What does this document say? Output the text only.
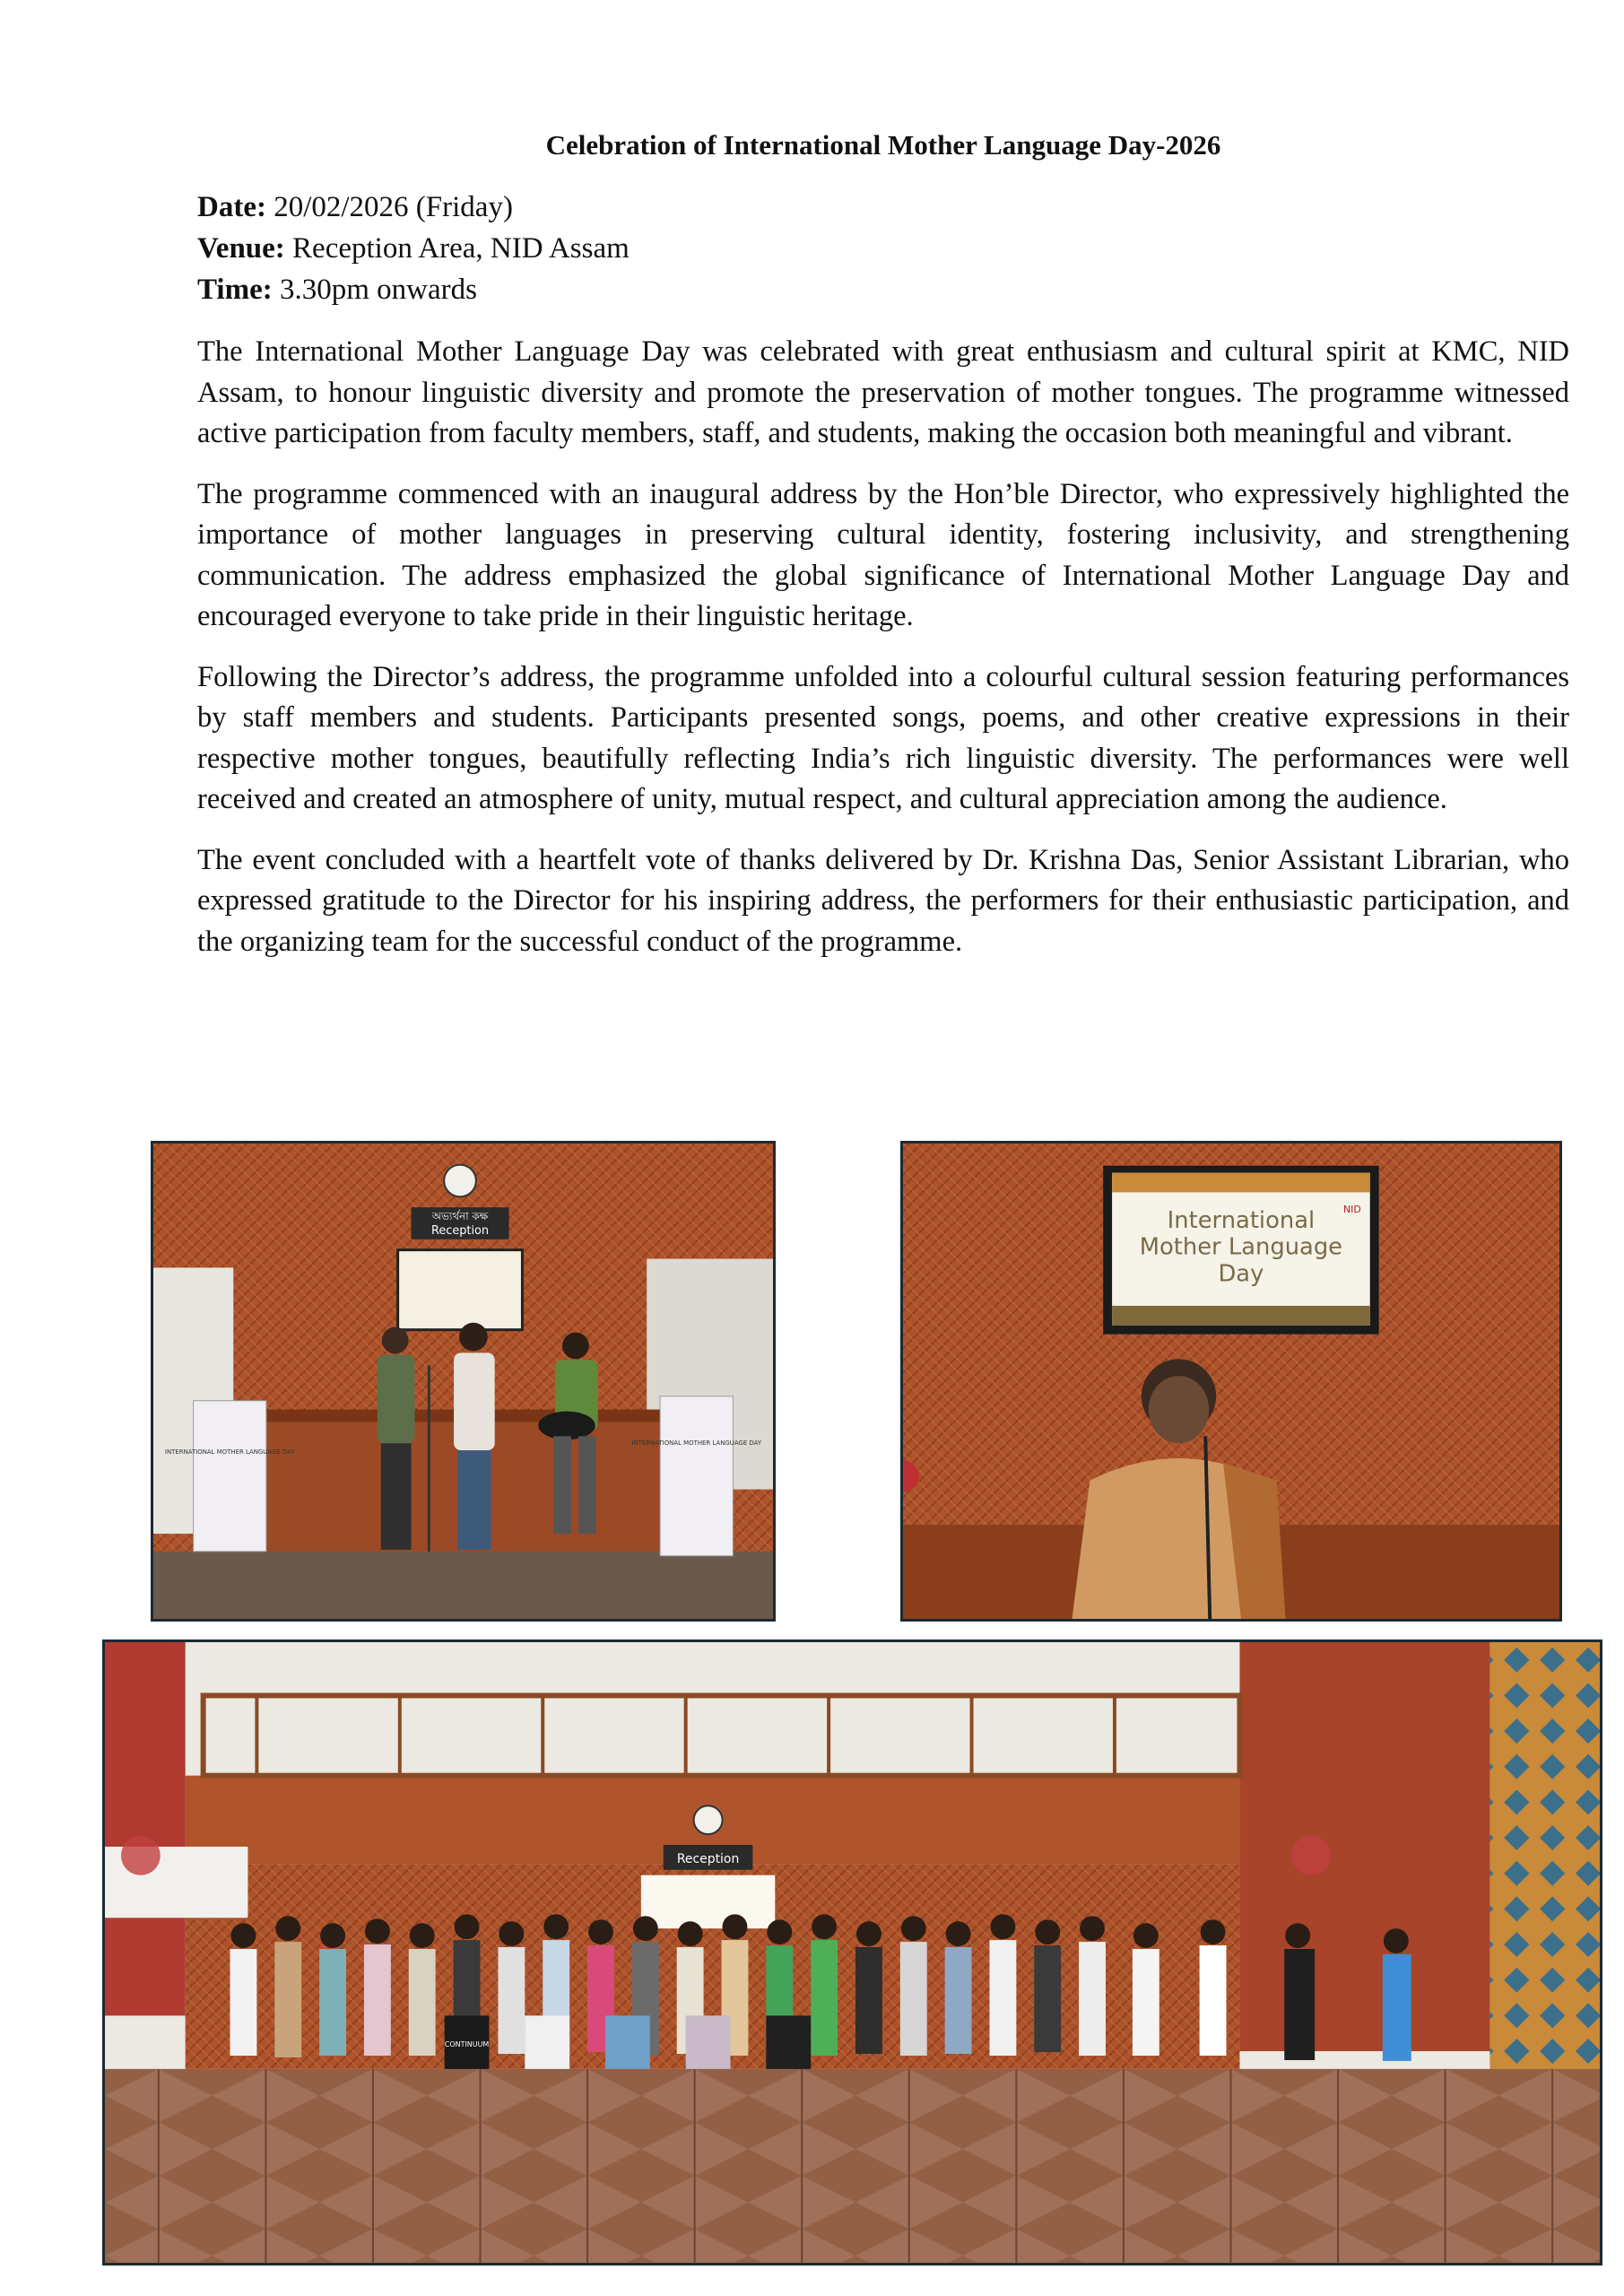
Celebration of International Mother Language Day-2026
Date: 20/02/2026 (Friday)
Venue: Reception Area, NID Assam
Time: 3.30pm onwards

The International Mother Language Day was celebrated with great enthusiasm and cultural spirit at KMC, NID Assam, to honour linguistic diversity and promote the preservation of mother tongues. The programme witnessed active participation from faculty members, staff, and students, making the occasion both meaningful and vibrant.

The programme commenced with an inaugural address by the Hon’ble Director, who expressively highlighted the importance of mother languages in preserving cultural identity, fostering inclusivity, and strengthening communication. The address emphasized the global significance of International Mother Language Day and encouraged everyone to take pride in their linguistic heritage.

Following the Director’s address, the programme unfolded into a colourful cultural session featuring performances by staff members and students. Participants presented songs, poems, and other creative expressions in their respective mother tongues, beautifully reflecting India’s rich linguistic diversity. The performances were well received and created an atmosphere of unity, mutual respect, and cultural appreciation among the audience.

The event concluded with a heartfelt vote of thanks delivered by Dr. Krishna Das, Senior Assistant Librarian, who expressed gratitude to the Director for his inspiring address, the performers for their enthusiastic participation, and the organizing team for the successful conduct of the programme.

অভ্যৰ্থনা কক্ষ
Reception
INTERNATIONAL MOTHER LANGUAGE DAY
INTERNATIONAL MOTHER LANGUAGE DAY
International
Mother Language
Day
NID
Reception
CONTINUUM
